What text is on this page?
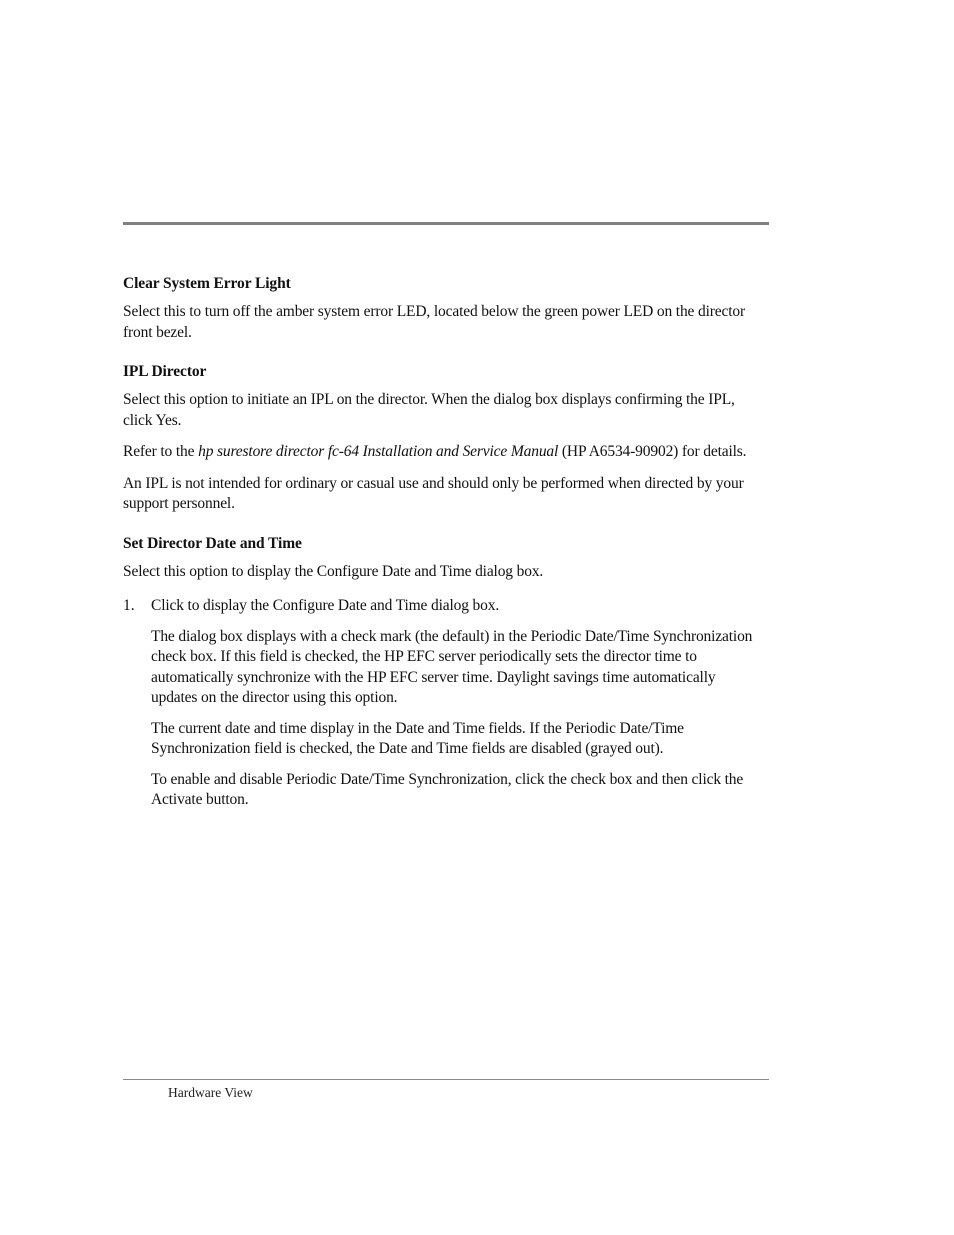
Clear System Error Light

Select this to turn off the amber system error LED, located below the green power LED on the director front bezel.

IPL Director

Select this option to initiate an IPL on the director. When the dialog box displays confirming the IPL, click Yes.

Refer to the hp surestore director fc-64 Installation and Service Manual (HP A6534-90902) for details.

An IPL is not intended for ordinary or casual use and should only be performed when directed by your support personnel.

Set Director Date and Time

Select this option to display the Configure Date and Time dialog box.

1. Click to display the Configure Date and Time dialog box.

The dialog box displays with a check mark (the default) in the Periodic Date/Time Synchronization check box. If this field is checked, the HP EFC server periodically sets the director time to automatically synchronize with the HP EFC server time. Daylight savings time automatically updates on the director using this option.

The current date and time display in the Date and Time fields. If the Periodic Date/Time Synchronization field is checked, the Date and Time fields are disabled (grayed out).

To enable and disable Periodic Date/Time Synchronization, click the check box and then click the Activate button.

Hardware View
